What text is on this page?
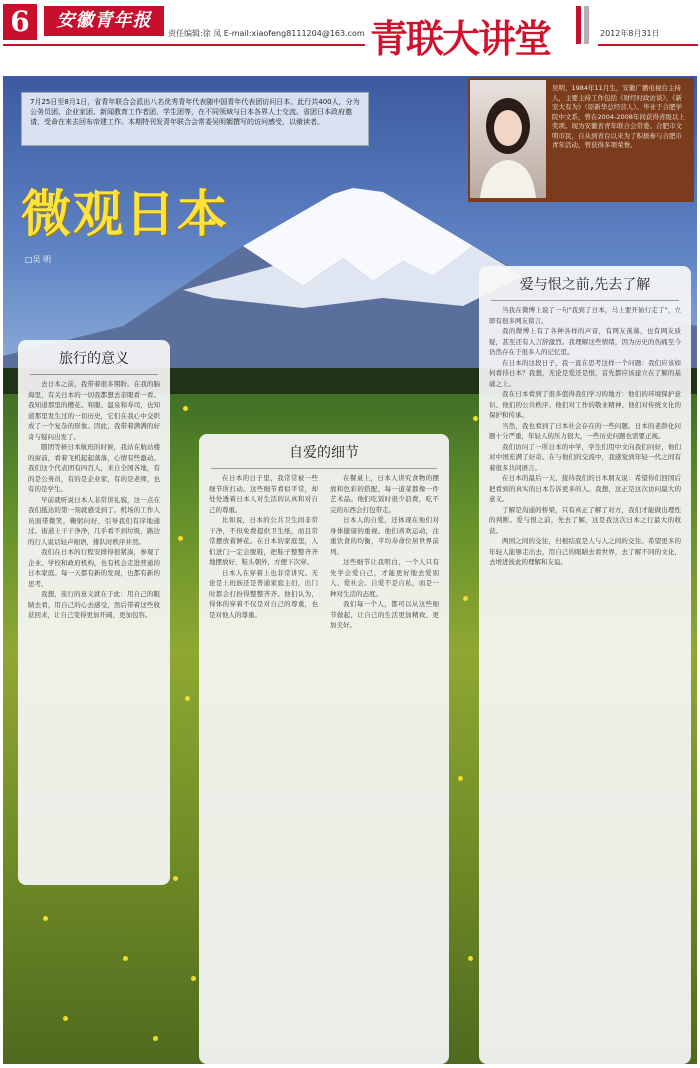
6	安徽青年报
责任编辑:徐 凤 E-mail:xiaofeng8111204@163.com 青联大讲堂	2012年8月31日
7月25日至8月1日，省青年联合会派出八名优秀青年代表随中国青年代表团访问日本。此行共400人，分为公务员团、企业家团、新闻教育工作者团、学生团等，在不同领域与日本各界人士交流。省团日本政府邀请，受命在来去回布帝建工作。本期特刊发青年联合会常委吴明媚撰写的访问感受，以飨读者。
吴明，1984年11月生，安徽广播电视台主持人，主要主持工作包括《财经时政访谈》、《新安大有为》（原新华总经营人）。毕业于合肥学院中文系，曾在2004-2008年间获得省级以上奖项。现为安徽省青年联合会常委。合肥市文明市民，自从到省台以来为了积极参与合肥市青年活动，曾获得多项荣誉。
微观日本
□吴 明
旅行的意义

去日本之前，我带着很多期盼。在我的脑海里，有关日本的一切我都想去亲眼看一看。我知道那里的樱花、和服、温泉和寿司，也知道那里发生过的一切历史，它们在我心中交织成了一个复杂的形象。因此，我带着满满的好奇与疑问出发了。

随团等候日本航班的时候，我站在航站楼的窗前，看着飞机起起落落，心情有些激动。我们这个代表团有四百人，来自全国各地，有的是公务员，有的是企业家，有的是老师，也有的是学生。

早前就听说日本人非常讲礼貌，这一点在我们抵达的第一刻就感受到了。机场的工作人员面带微笑，鞠躬问好，引导我们有序地通过。街道上干干净净，几乎看不到垃圾，路边的行人说话轻声细语，排队时秩序井然。

我们在日本的行程安排得很紧凑，参观了企业、学校和政府机构，也有机会走进普通的日本家庭。每一天都有新的发现，也都有新的思考。

我想，旅行的意义就在于此：用自己的眼睛去看，用自己的心去感受，然后带着这些收获回来，让自己变得更加开阔、更加包容。

自爱的细节

在日本的日子里，我常常被一些细节所打动。这些细节看似平常，却处处透着日本人对生活的认真和对自己的尊重。

比如说，日本的公共卫生间非常干净，不但免费提供卫生纸，而且常常摆放着鲜花。在日本的家庭里，人们进门一定会脱鞋，把鞋子整整齐齐地摆放好，鞋头朝外，方便下次穿。

日本人在穿着上也非常讲究。无论是上班族还是普通家庭主妇，出门时都会打扮得整整齐齐。他们认为，得体的穿着不仅是对自己的尊重，也是对他人的尊重。

在餐桌上，日本人讲究食物的摆放和色彩的搭配，每一道菜都像一件艺术品。他们吃饭时很少浪费，吃不完的东西会打包带走。

日本人的自爱，还体现在他们对身体健康的重视。他们喜欢运动，注重饮食的均衡，平均寿命位居世界前列。

这些细节让我明白，一个人只有先学会爱自己，才能更好地去爱别人、爱社会。自爱不是自私，而是一种对生活的态度。

我们每一个人，都可以从这些细节做起，让自己的生活更加精致、更加美好。

爱与恨之前,先去了解

当我在微博上说了一句"我到了日本，马上要开始行走了"，立即有很多网友留言。

我的微博上有了各种各样的声音，有网友羡慕，也有网友质疑，甚至还有人言辞激烈。我理解这些情绪，因为历史的伤痛至今仍然存在于很多人的记忆里。

在日本的这段日子，我一直在思考这样一个问题：我们应该如何看待日本？我想，无论是爱还是恨，首先都应该建立在了解的基础之上。

我在日本看到了很多值得我们学习的地方：他们的环境保护意识、他们的公共秩序、他们对工作的敬业精神、他们对传统文化的保护和传承。

当然，我也看到了日本社会存在的一些问题。日本的老龄化问题十分严重，年轻人的压力很大，一些历史问题也需要正视。

我们访问了一所日本的中学，学生们用中文向我们问好，他们对中国充满了好奇。在与他们的交流中，我感觉到年轻一代之间有着很多共同语言。

在日本的最后一天，接待我们的日本朋友说：希望你们回国后把看到的真实的日本告诉更多的人。我想，这正是这次访问最大的意义。

了解是沟通的桥梁，只有真正了解了对方，我们才能做出理性的判断。爱与恨之前，先去了解，这是我这次日本之行最大的收获。

两国之间的交往，归根结底是人与人之间的交往。希望更多的年轻人能够走出去，用自己的眼睛去看世界，去了解不同的文化，去增进彼此的理解和友谊。
